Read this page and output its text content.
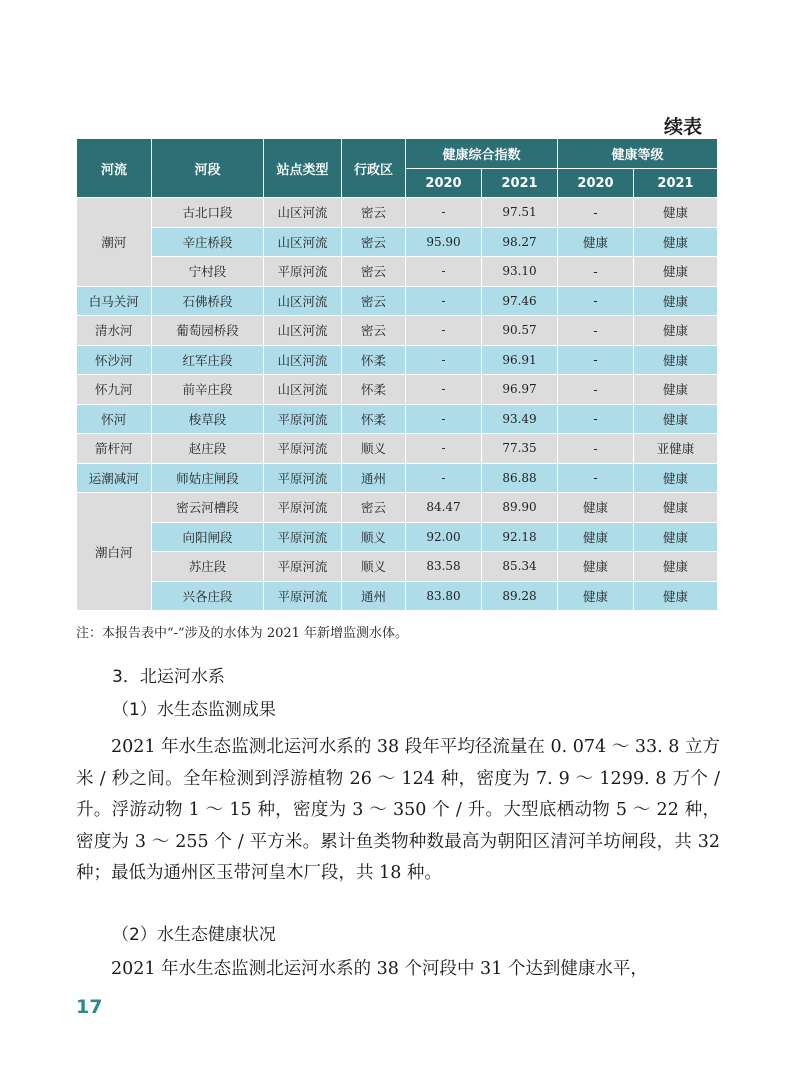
续表
河流	河段	站点类型	行政区	健康综合指数		健康等级	
				2020	2021	2020	2021
潮河	古北口段	山区河流	密云	-	97.51	-	健康
	辛庄桥段	山区河流	密云	95.90	98.27	健康	健康
	宁村段	平原河流	密云	-	93.10	-	健康
白马关河	石佛桥段	山区河流	密云	-	97.46	-	健康
清水河	葡萄园桥段	山区河流	密云	-	90.57	-	健康
怀沙河	红军庄段	山区河流	怀柔	-	96.91	-	健康
怀九河	前辛庄段	山区河流	怀柔	-	96.97	-	健康
怀河	梭草段	平原河流	怀柔	-	93.49	-	健康
箭杆河	赵庄段	平原河流	顺义	-	77.35	-	亚健康
运潮减河	师姑庄闸段	平原河流	通州	-	86.88	-	健康
潮白河	密云河槽段	平原河流	密云	84.47	89.90	健康	健康
	向阳闸段	平原河流	顺义	92.00	92.18	健康	健康
	苏庄段	平原河流	顺义	83.58	85.34	健康	健康
	兴各庄段	平原河流	通州	83.80	89.28	健康	健康
注：本报告表中“-”涉及的水体为 2021 年新增监测水体。
3．北运河水系
（1）水生态监测成果

2021 年水生态监测北运河水系的 38 段年平均径流量在 0. 074 ～ 33. 8 立方米 / 秒之间。全年检测到浮游植物 26 ～ 124 种，密度为 7. 9 ～ 1299. 8 万个 / 升。浮游动物 1 ～ 15 种，密度为 3 ～ 350 个 / 升。大型底栖动物 5 ～ 22 种，密度为 3 ～ 255 个 / 平方米。累计鱼类物种数最高为朝阳区清河羊坊闸段，共 32 种；最低为通州区玉带河皇木厂段，共 18 种。

（2）水生态健康状况

2021 年水生态监测北运河水系的 38 个河段中 31 个达到健康水平，

17
